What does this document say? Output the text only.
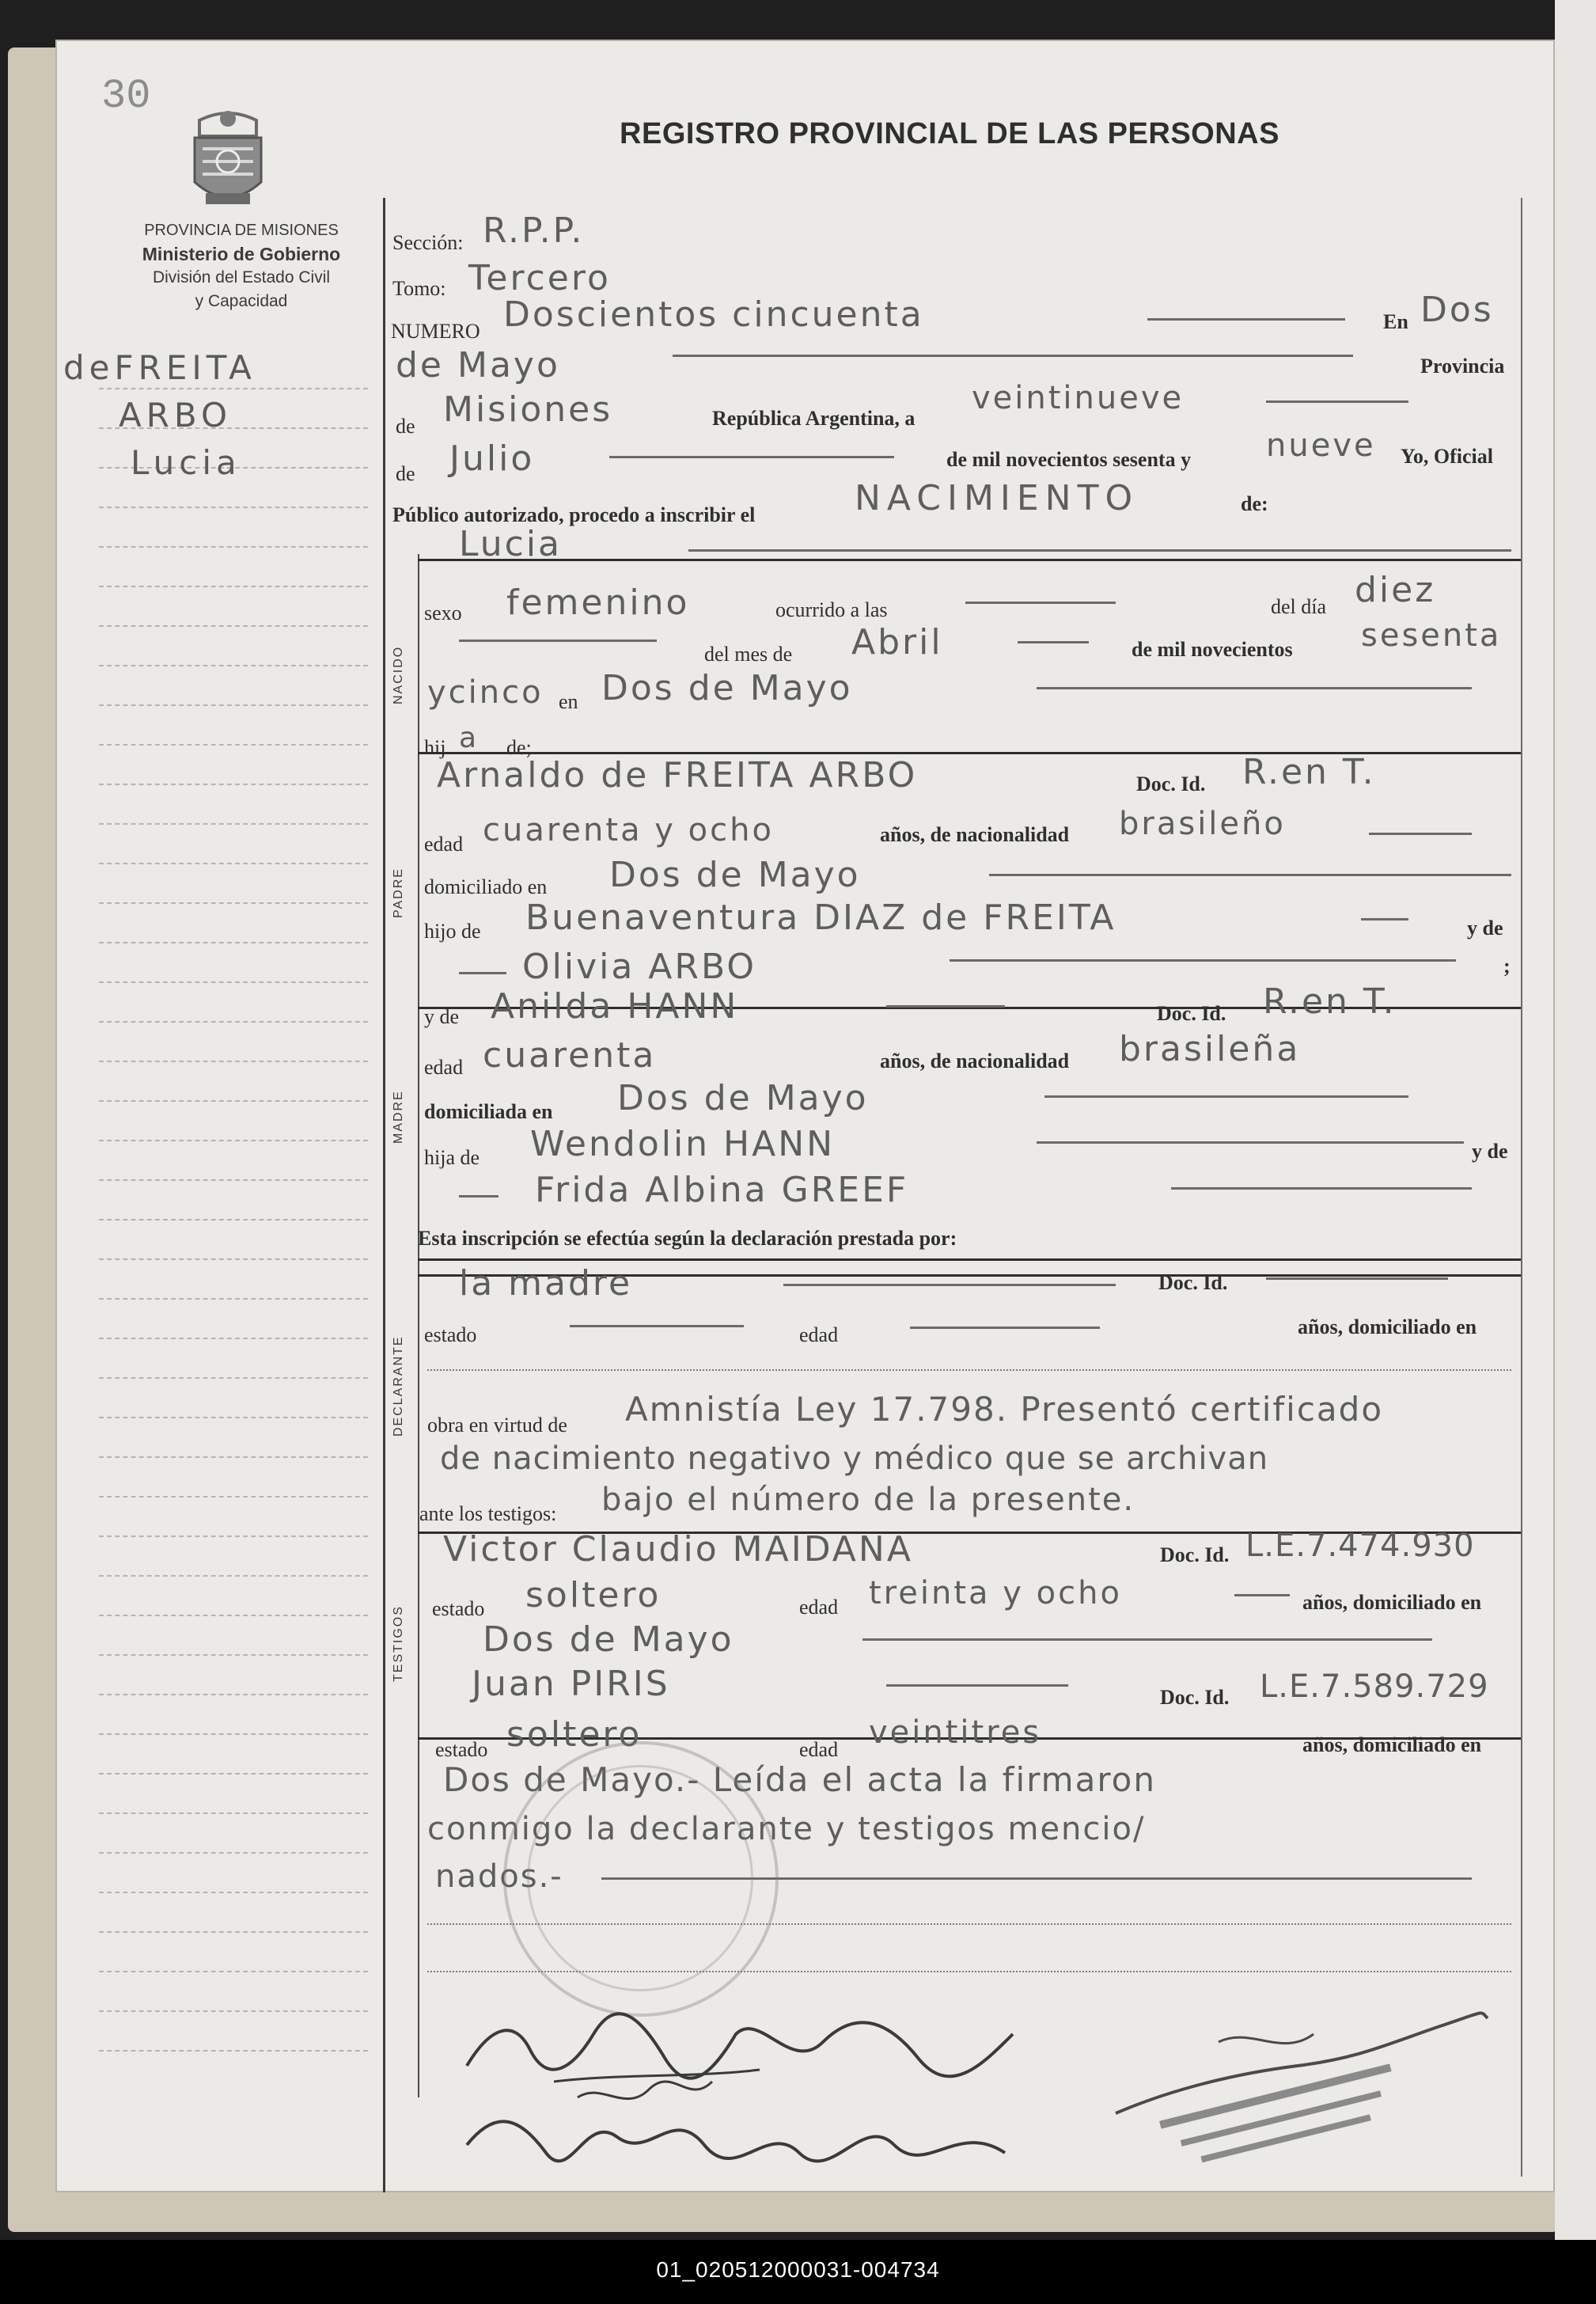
30
PROVINCIA DE MISIONES
Ministerio de Gobierno
División del Estado Civil
y Capacidad
REGISTRO PROVINCIAL DE LAS PERSONAS
deFREITA
ARBO
Lucia
NACIDO
PADRE
MADRE
DECLARANTE
TESTIGOS
Sección: R.P.P.
Tomo: Tercero
NUMERO Doscientos cincuenta	En Dos
de Mayo	Provincia
de Misiones	República Argentina, a
veintinueve
de Julio	de mil novecientos sesenta y nueve Yo, Oficial
Público autorizado, procedo a inscribir el	NACIMIENTO	de:
Lucia
sexo femenino	ocurrido a las	del día diez
del mes de Abril	de mil novecientos sesenta
ycinco en Dos de Mayo
hij a de;
Arnaldo de FREITA ARBO	Doc. Id. R.en T.
edad cuarenta y ocho	años, de nacionalidad brasileño
domiciliado en Dos de Mayo
hijo de Buenaventura DIAZ de FREITA	y de
Olivia ARBO	;
y de Anilda HANN	Doc. Id. R.en T.
edad cuarenta	años, de nacionalidad brasileña
domiciliada en Dos de Mayo
hija de Wendolin HANN	y de
Frida Albina GREEF
Esta inscripción se efectúa según la declaración prestada por:
la madre	Doc. Id.
estado	edad	años, domiciliado en
obra en virtud de Amnistía Ley 17.798. Presentó certificado
de nacimiento negativo y médico que se archivan
ante los testigos: bajo el número de la presente.
Victor Claudio MAIDANA	Doc. Id. L.E.7.474.930
estado soltero	edad treinta y ocho	años, domiciliado en
Dos de Mayo
Juan PIRIS	Doc. Id. L.E.7.589.729
estado soltero	edad veintitres	años, domiciliado en
Dos de Mayo.- Leída el acta la firmaron
conmigo la declarante y testigos mencio/
nados.-
01_020512000031-004734
